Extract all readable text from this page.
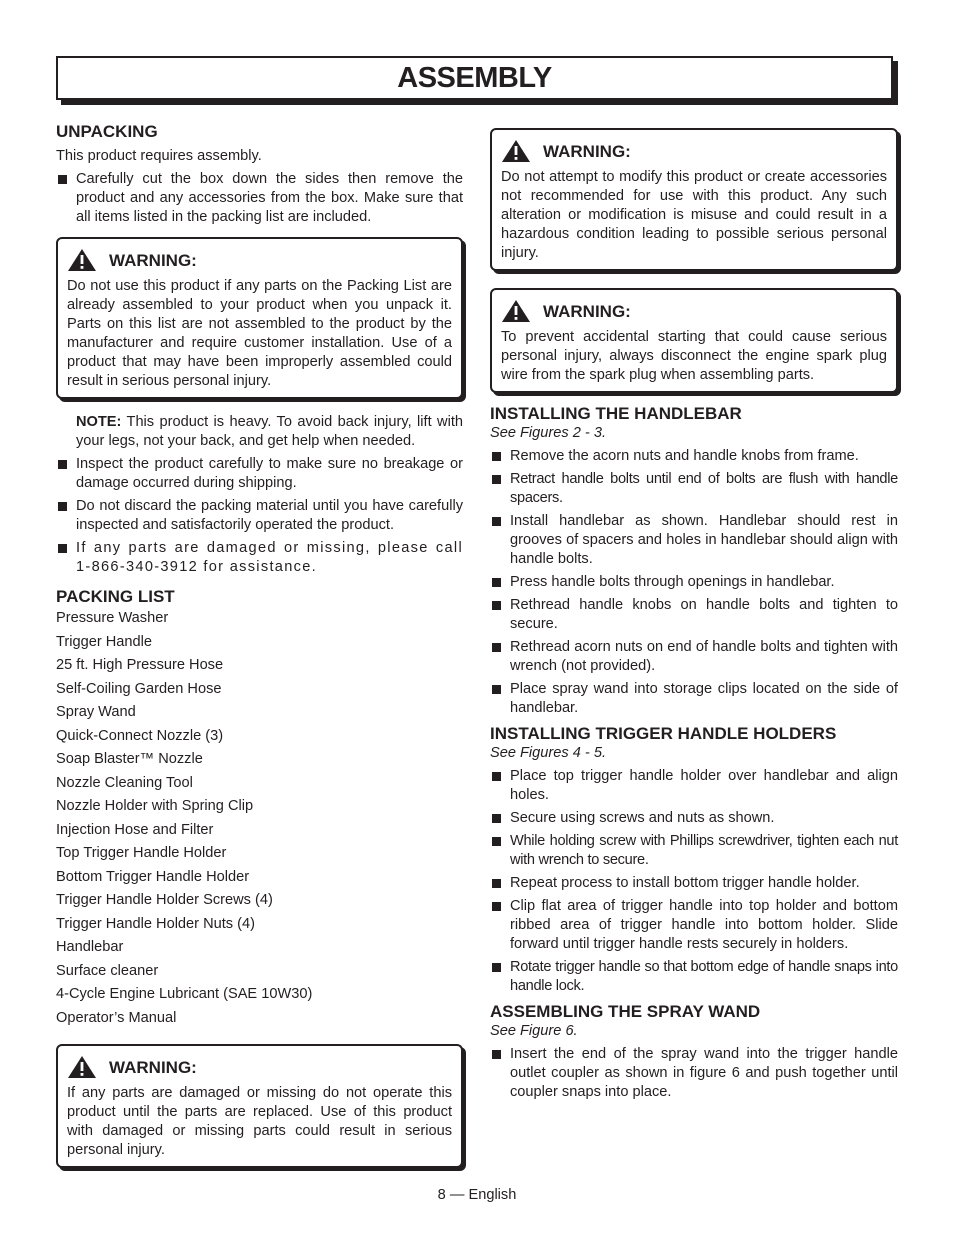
ASSEMBLY
UNPACKING

This product requires assembly.

Carefully cut the box down the sides then remove the product and any accessories from the box. Make sure that all items listed in the packing list are included.
WARNING:

Do not use this product if any parts on the Packing List are already assembled to your product when you unpack it. Parts on this list are not assembled to the product by the manufacturer and require customer installation. Use of a product that may have been improperly assembled could result in serious personal injury.

NOTE: This product is heavy. To avoid back injury, lift with your legs, not your back, and get help when needed.

Inspect the product carefully to make sure no breakage or damage occurred during shipping.
Do not discard the packing material until you have carefully inspected and satisfactorily operated the product.
If any parts are damaged or missing, please call 1-866-340-3912 for assistance.
PACKING LIST
Pressure Washer
Trigger Handle
25 ft. High Pressure Hose
Self-Coiling Garden Hose
Spray Wand
Quick-Connect Nozzle (3)
Soap Blaster™ Nozzle
Nozzle Cleaning Tool
Nozzle Holder with Spring Clip
Injection Hose and Filter
Top Trigger Handle Holder
Bottom Trigger Handle Holder
Trigger Handle Holder Screws (4)
Trigger Handle Holder Nuts (4)
Handlebar
Surface cleaner
4-Cycle Engine Lubricant (SAE 10W30)
Operator’s Manual
WARNING:

If any parts are damaged or missing do not operate this product until the parts are replaced. Use of this product with damaged or missing parts could result in serious personal injury.

WARNING:

Do not attempt to modify this product or create accessories not recommended for use with this product. Any such alteration or modification is misuse and could result in a hazardous condition leading to possible serious personal injury.

WARNING:

To prevent accidental starting that could cause serious personal injury, always disconnect the engine spark plug wire from the spark plug when assembling parts.

INSTALLING THE HANDLEBAR

See Figures 2 - 3.

Remove the acorn nuts and handle knobs from frame.
Retract handle bolts until end of bolts are flush with handle spacers.
Install handlebar as shown. Handlebar should rest in grooves of spacers and holes in handlebar should align with handle bolts.
Press handle bolts through openings in handlebar.
Rethread handle knobs on handle bolts and tighten to secure.
Rethread acorn nuts on end of handle bolts and tighten with wrench (not provided).
Place spray wand into storage clips located on the side of handlebar.
INSTALLING TRIGGER HANDLE HOLDERS

See Figures 4 - 5.

Place top trigger handle holder over handlebar and align holes.
Secure using screws and nuts as shown.
While holding screw with Phillips screwdriver, tighten each nut with wrench to secure.
Repeat process to install bottom trigger handle holder.
Clip flat area of trigger handle into top holder and bottom ribbed area of trigger handle into bottom holder. Slide forward until trigger handle rests securely in holders.
Rotate trigger handle so that bottom edge of handle snaps into handle lock.
ASSEMBLING THE SPRAY WAND

See Figure 6.

Insert the end of the spray wand into the trigger handle outlet coupler as shown in figure 6 and push together until coupler snaps into place.
8 — English
